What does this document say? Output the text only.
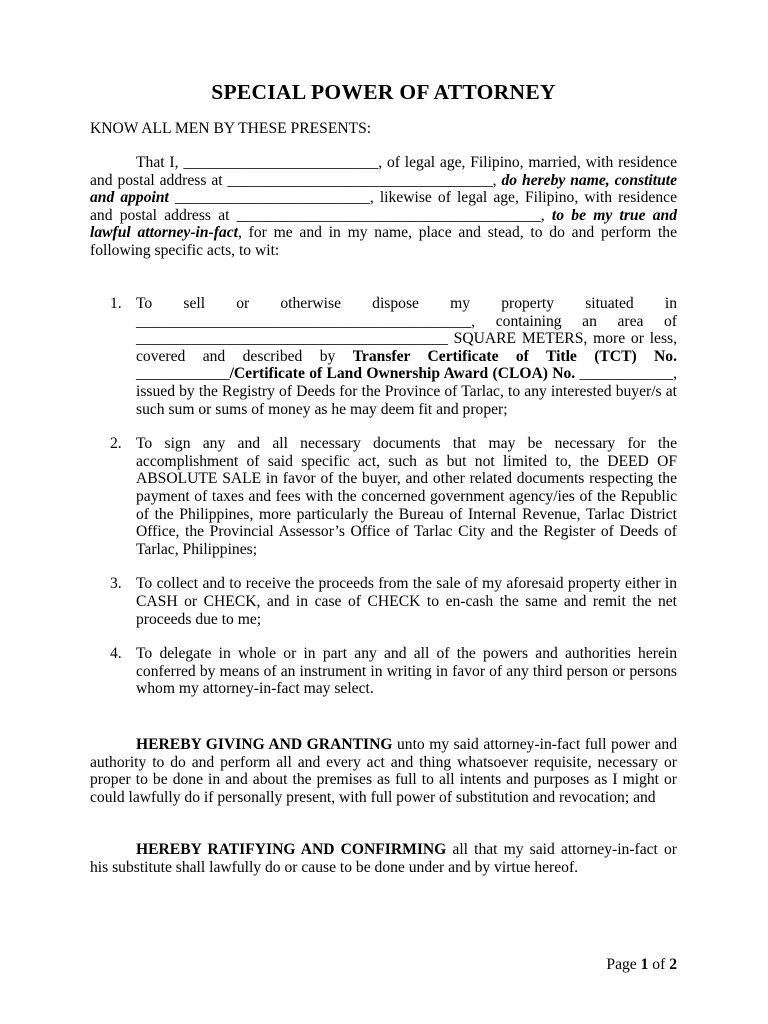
SPECIAL POWER OF ATTORNEY
KNOW ALL MEN BY THESE PRESENTS:

That I, _________________________, of legal age, Filipino, married, with residence and postal address at __________________________________, do hereby name, constitute and appoint _________________________, likewise of legal age, Filipino, with residence and postal address at _______________________________________, to be my true and lawful attorney-in-fact, for me and in my name, place and stead, to do and perform the following specific acts, to wit:

1. To sell or otherwise dispose my property situated in ___________________________________________, containing an area of ________________________________________ SQUARE METERS, more or less, covered and described by Transfer Certificate of Title (TCT) No. ____________/Certificate of Land Ownership Award (CLOA) No. ____________, issued by the Registry of Deeds for the Province of Tarlac, to any interested buyer/s at such sum or sums of money as he may deem fit and proper;
2. To sign any and all necessary documents that may be necessary for the accomplishment of said specific act, such as but not limited to, the DEED OF ABSOLUTE SALE in favor of the buyer, and other related documents respecting the payment of taxes and fees with the concerned government agency/ies of the Republic of the Philippines, more particularly the Bureau of Internal Revenue, Tarlac District Office, the Provincial Assessor’s Office of Tarlac City and the Register of Deeds of Tarlac, Philippines;
3. To collect and to receive the proceeds from the sale of my aforesaid property either in CASH or CHECK, and in case of CHECK to en-cash the same and remit the net proceeds due to me;
4. To delegate in whole or in part any and all of the powers and authorities herein conferred by means of an instrument in writing in favor of any third person or persons whom my attorney-in-fact may select.

HEREBY GIVING AND GRANTING unto my said attorney-in-fact full power and authority to do and perform all and every act and thing whatsoever requisite, necessary or proper to be done in and about the premises as full to all intents and purposes as I might or could lawfully do if personally present, with full power of substitution and revocation; and

HEREBY RATIFYING AND CONFIRMING all that my said attorney-in-fact or his substitute shall lawfully do or cause to be done under and by virtue hereof.

Page 1 of 2
